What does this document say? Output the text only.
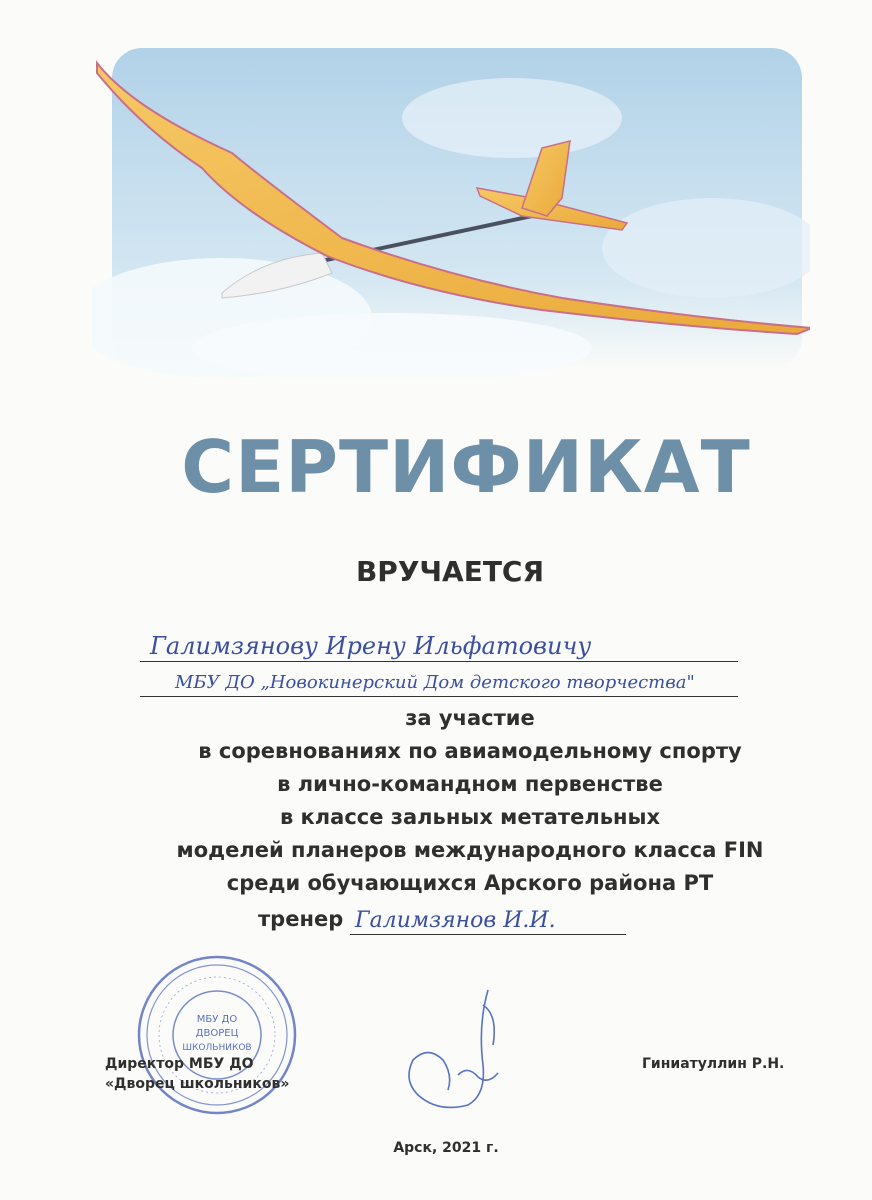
СЕРТИФИКАТ
ВРУЧАЕТСЯ
Галимзянову Ирену Ильфатовичу
МБУ ДО „Новокинерский Дом детского творчества"
за участие
в соревнованиях по авиамодельному спорту
в лично-командном первенстве
в классе зальных метательных
моделей планеров международного класса FIN
среди обучающихся Арского района РТ
тренер Галимзянов И.И.
МБУ ДО
ДВОРЕЦ
ШКОЛЬНИКОВ
Директор МБУ ДО
«Дворец школьников»
Гиниатуллин Р.Н.
Арск, 2021 г.
